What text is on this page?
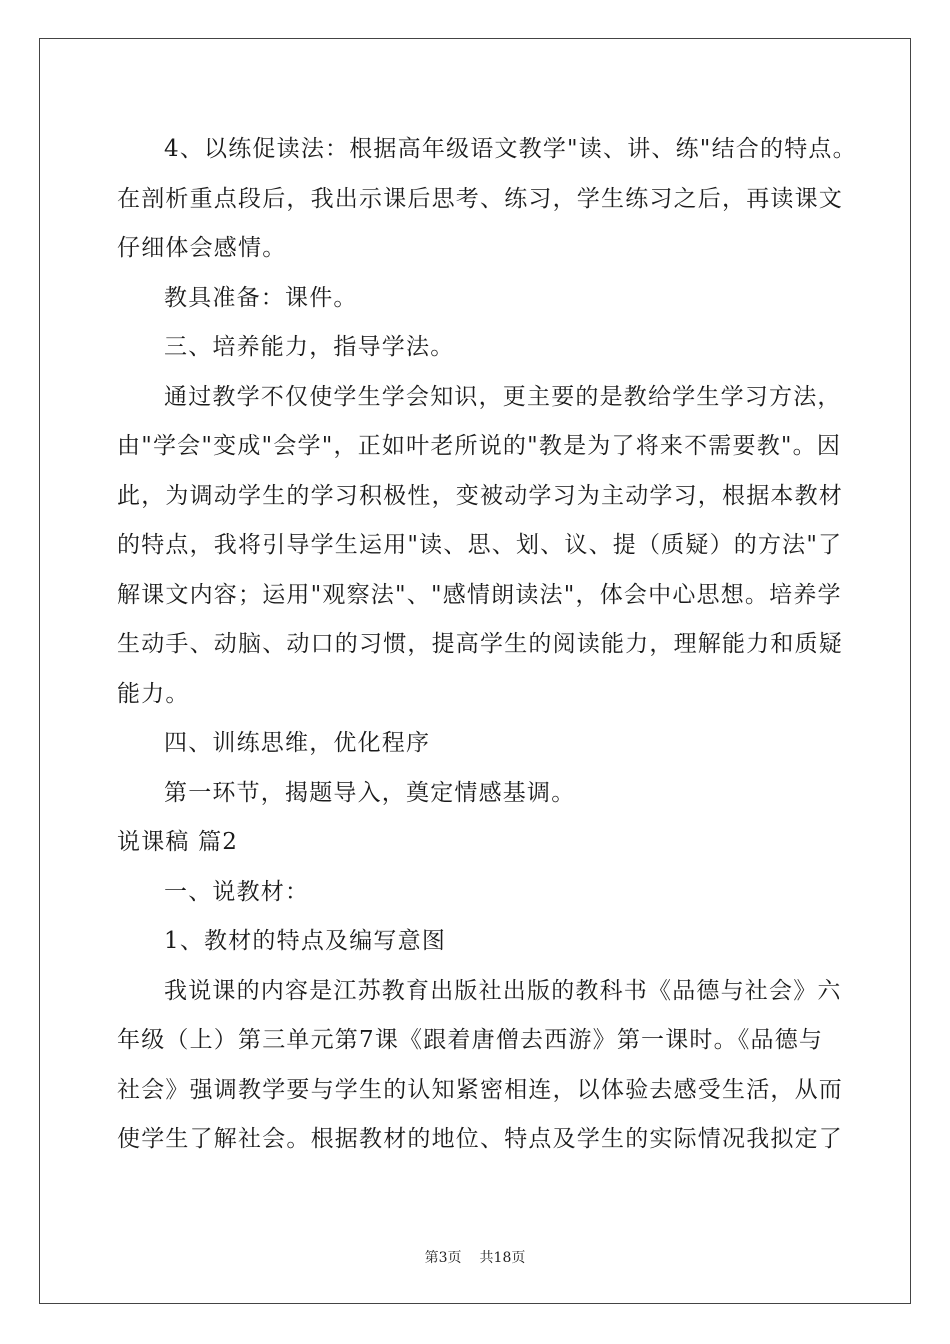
4、以练促读法：根据高年级语文教学"读、讲、练"结合的特点。
在剖析重点段后，我出示课后思考、练习，学生练习之后，再读课文
仔细体会感情。
教具准备：课件。
三、培养能力，指导学法。
通过教学不仅使学生学会知识，更主要的是教给学生学习方法，
由"学会"变成"会学"，正如叶老所说的"教是为了将来不需要教"。因
此，为调动学生的学习积极性，变被动学习为主动学习，根据本教材
的特点，我将引导学生运用"读、思、划、议、提（质疑）的方法"了
解课文内容；运用"观察法"、"感情朗读法"，体会中心思想。培养学
生动手、动脑、动口的习惯，提高学生的阅读能力，理解能力和质疑
能力。
四、训练思维，优化程序
第一环节，揭题导入，奠定情感基调。
说课稿 篇2
一、说教材：
1、教材的特点及编写意图
我说课的内容是江苏教育出版社出版的教科书《品德与社会》六
年级（上）第三单元第7课《跟着唐僧去西游》第一课时。《品德与
社会》强调教学要与学生的认知紧密相连，以体验去感受生活，从而
使学生了解社会。根据教材的地位、特点及学生的实际情况我拟定了
第3页 共18页
